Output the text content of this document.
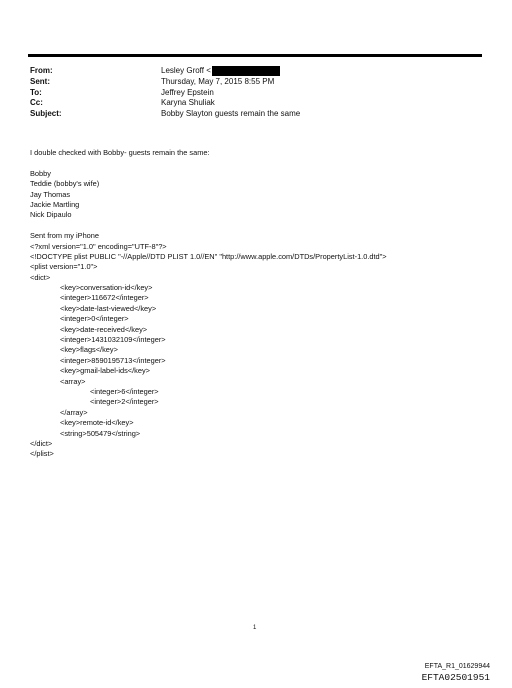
From:	Lesley Groff <
Sent:	Thursday, May 7, 2015 8:55 PM
To:	Jeffrey Epstein
Cc:	Karyna Shuliak
Subject:	Bobby Slayton guests remain the same
I double checked with Bobby- guests remain the same:
Bobby
Teddie (bobby's wife)
Jay Thomas
Jackie Martling
Nick Dipaulo
Sent from my iPhone
<?xml version="1.0" encoding="UTF-8"?>
<!DOCTYPE plist PUBLIC "-//Apple//DTD PLIST 1.0//EN" "http://www.apple.com/DTDs/PropertyList-1.0.dtd">
<plist version="1.0">
<dict>
<key>conversation-id</key>
<integer>116672</integer>
<key>date-last-viewed</key>
<integer>0</integer>
<key>date-received</key>
<integer>1431032109</integer>
<key>flags</key>
<integer>8590195713</integer>
<key>gmail-label-ids</key>
<array>
<integer>6</integer>
<integer>2</integer>
</array>
<key>remote-id</key>
<string>505479</string>
</dict>
</plist>
1
EFTA_R1_01629944
EFTA02501951
